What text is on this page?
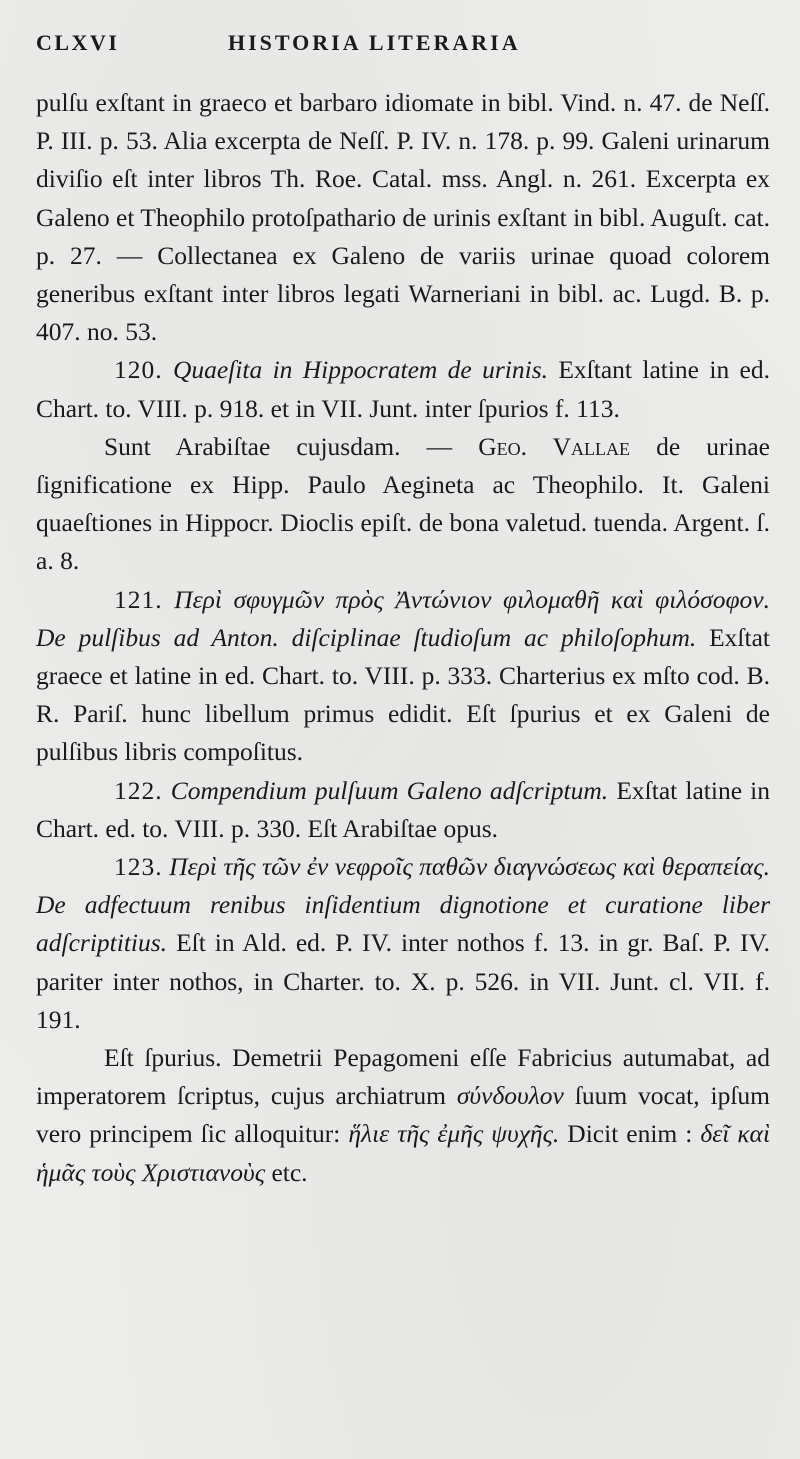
CLXVI	HISTORIA LITERARIA

pulſu exſtant in graeco et barbaro idiomate in bibl. Vind. n. 47. de Neſſ. P. III. p. 53. Alia excerpta de Neſſ. P. IV. n. 178. p. 99. Galeni urinarum diviſio eſt inter libros Th. Roe. Catal. mss. Angl. n. 261. Excerpta ex Galeno et Theophilo protoſpathario de urinis exſtant in bibl. Auguſt. cat. p. 27. — Collectanea ex Galeno de variis urinae quoad colorem generibus exſtant inter libros legati Warneriani in bibl. ac. Lugd. B. p. 407. no. 53.

120. Quaeſita in Hippocratem de urinis. Exſtant latine in ed. Chart. to. VIII. p. 918. et in VII. Junt. inter ſpurios f. 113.

Sunt Arabiſtae cujusdam. — Geo. Vallae de urinae ſignificatione ex Hipp. Paulo Aegineta ac Theophilo. It. Galeni quaeſtiones in Hippocr. Dioclis epiſt. de bona valetud. tuenda. Argent. ſ. a. 8.

121. Περὶ σφυγμῶν πρὸς Ἀντώνιον φιλομαθῆ καὶ φιλόσοφον. De pulſibus ad Anton. diſciplinae ſtudioſum ac philoſophum. Exſtat graece et latine in ed. Chart. to. VIII. p. 333. Charterius ex mſto cod. B. R. Pariſ. hunc libellum primus edidit. Eſt ſpurius et ex Galeni de pulſibus libris compoſitus.

122. Compendium pulſuum Galeno adſcriptum. Exſtat latine in Chart. ed. to. VIII. p. 330. Eſt Arabiſtae opus.

123. Περὶ τῆς τῶν ἐν νεφροῖς παθῶν διαγνώσεως καὶ θεραπείας. De adfectuum renibus inſidentium dignotione et curatione liber adſcriptitius. Eſt in Ald. ed. P. IV. inter nothos f. 13. in gr. Baſ. P. IV. pariter inter nothos, in Charter. to. X. p. 526. in VII. Junt. cl. VII. f. 191.

Eſt ſpurius. Demetrii Pepagomeni eſſe Fabricius autumabat, ad imperatorem ſcriptus, cujus archiatrum σύνδουλον ſuum vocat, ipſum vero principem ſic alloquitur: ἥλιε τῆς ἐμῆς ψυχῆς. Dicit enim : δεῖ καὶ ἡμᾶς τοὺς Χριστιανοὺς etc.
